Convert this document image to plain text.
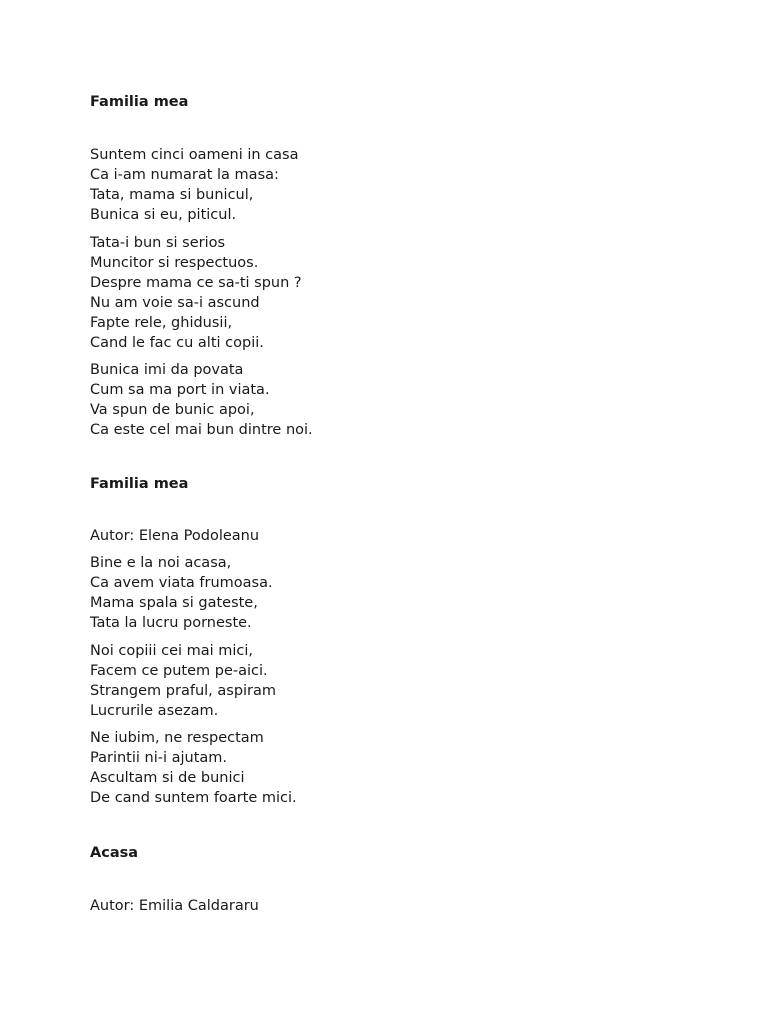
Familia mea
Suntem cinci oameni in casa
Ca i-am numarat la masa:
Tata, mama si bunicul,
Bunica si eu, piticul.
Tata-i bun si serios
Muncitor si respectuos.
Despre mama ce sa-ti spun ?
Nu am voie sa-i ascund
Fapte rele, ghidusii,
Cand le fac cu alti copii.
Bunica imi da povata
Cum sa ma port in viata.
Va spun de bunic apoi,
Ca este cel mai bun dintre noi.
Familia mea
Autor: Elena Podoleanu
Bine e la noi acasa,
Ca avem viata frumoasa.
Mama spala si gateste,
Tata la lucru porneste.
Noi copiii cei mai mici,
Facem ce putem pe-aici.
Strangem praful, aspiram
Lucrurile asezam.
Ne iubim, ne respectam
Parintii ni-i ajutam.
Ascultam si de bunici
De cand suntem foarte mici.
Acasa
Autor: Emilia Caldararu
